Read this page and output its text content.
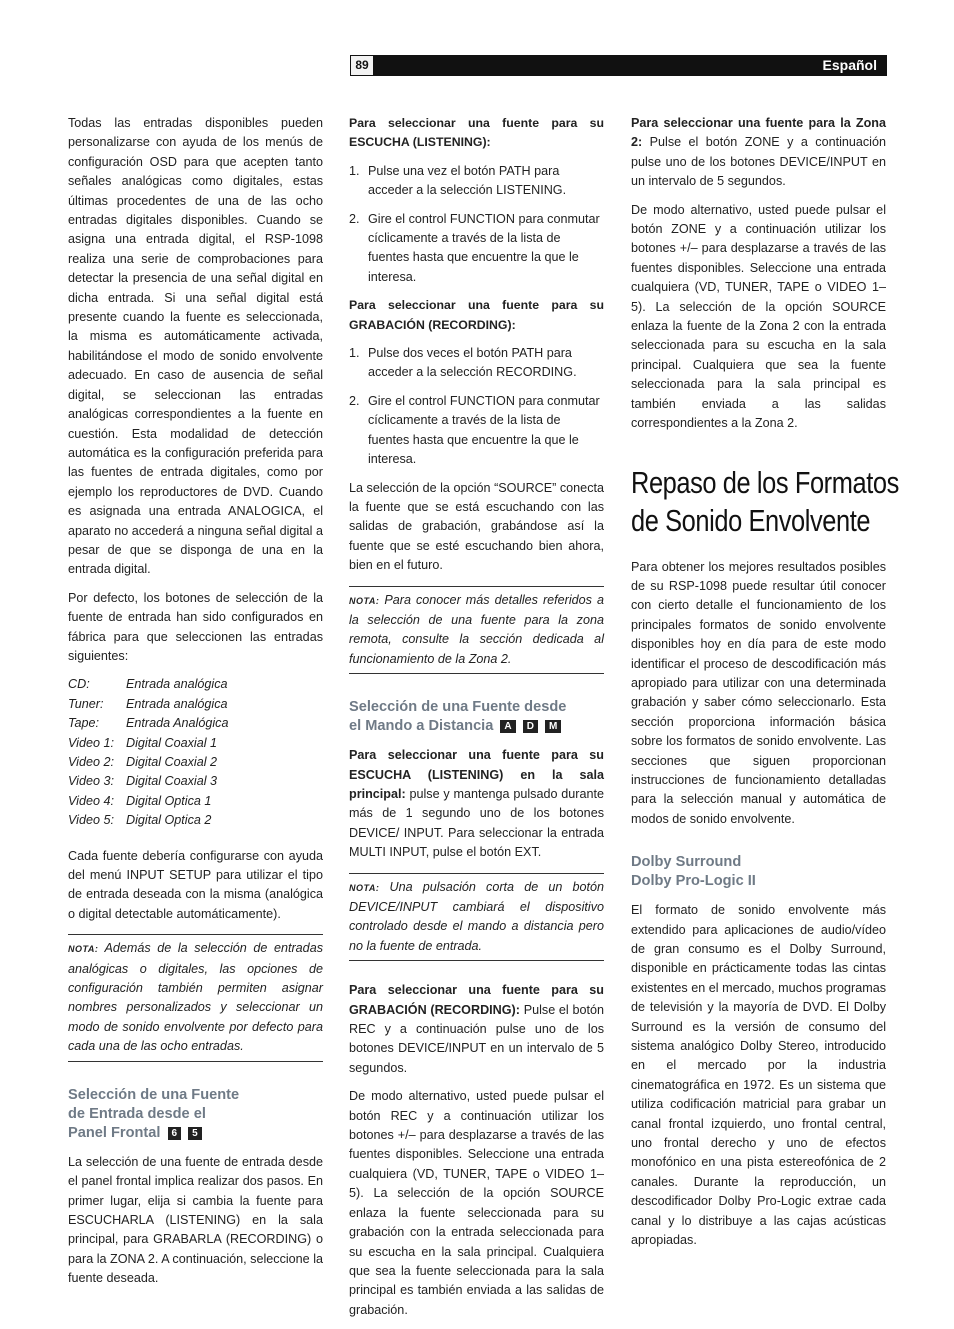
89	Español

Todas las entradas disponibles pueden personalizarse con ayuda de los menús de configuración OSD para que acepten tanto señales analógicas como digitales, estas últimas procedentes de una de las ocho entradas digitales disponibles. Cuando se asigna una entrada digital, el RSP-1098 realiza una serie de comprobaciones para detectar la presencia de una señal digital en dicha entrada. Si una señal digital está presente cuando la fuente es seleccionada, la misma es automáticamente activada, habilitándose el modo de sonido envolvente adecuado. En caso de ausencia de señal digital, se seleccionan las entradas analógicas correspondientes a la fuente en cuestión. Esta modalidad de detección automática es la configuración preferida para las fuentes de entrada digitales, como por ejemplo los reproductores de DVD. Cuando es asignada una entrada ANALOGICA, el aparato no accederá a ninguna señal digital a pesar de que se disponga de una en la entrada digital.

Por defecto, los botones de selección de la fuente de entrada han sido configurados en fábrica para que seleccionen las entradas siguientes:

CD:	Entrada analógica
Tuner:	Entrada analógica
Tape:	Entrada Analógica
Video 1: Digital Coaxial 1
Video 2: Digital Coaxial 2
Video 3: Digital Coaxial 3
Video 4: Digital Optica 1
Video 5: Digital Optica 2

Cada fuente debería configurarse con ayuda del menú INPUT SETUP para utilizar el tipo de entrada deseada con la misma (analógica o digital detectable automáticamente).

NOTA: Además de la selección de entradas analógicas o digitales, las opciones de configuración también permiten asignar nombres personalizados y seleccionar un modo de sonido envolvente por defecto para cada una de las ocho entradas.
Selección de una Fuente
de Entrada desde el
Panel Frontal 6 5

La selección de una fuente de entrada desde el panel frontal implica realizar dos pasos. En primer lugar, elija si cambia la fuente para ESCUCHARLA (LISTENING) en la sala principal, para GRABARLA (RECORDING) o para la ZONA 2. A continuación, seleccione la fuente deseada.

Para seleccionar una fuente para su ESCUCHA (LISTENING):

1. Pulse una vez el botón PATH para acceder a la selección LISTENING.
2. Gire el control FUNCTION para conmutar cíclicamente a través de la lista de fuentes hasta que encuentre la que le interesa.

Para seleccionar una fuente para su GRABACIÓN (RECORDING):

1. Pulse dos veces el botón PATH para acceder a la selección RECORDING.
2. Gire el control FUNCTION para conmutar cíclicamente a través de la lista de fuentes hasta que encuentre la que le interesa.

La selección de la opción “SOURCE” conecta la fuente que se está escuchando con las salidas de grabación, grabándose así la fuente que se esté escuchando bien ahora, bien en el futuro.

NOTA: Para conocer más detalles referidos a la selección de una fuente para la zona remota, consulte la sección dedicada al funcionamiento de la Zona 2.
Selección de una Fuente desde
el Mando a Distancia A D M

Para seleccionar una fuente para su ESCUCHA (LISTENING) en la sala principal: pulse y mantenga pulsado durante más de 1 segundo uno de los botones DEVICE/ INPUT. Para seleccionar la entrada MULTI INPUT, pulse el botón EXT.

NOTA: Una pulsación corta de un botón DEVICE/INPUT cambiará el dispositivo controlado desde el mando a distancia pero no la fuente de entrada.

Para seleccionar una fuente para su GRABACIÓN (RECORDING): Pulse el botón REC y a continuación pulse uno de los botones DEVICE/INPUT en un intervalo de 5 segundos.

De modo alternativo, usted puede pulsar el botón REC y a continuación utilizar los botones +/– para desplazarse a través de las fuentes disponibles. Seleccione una entrada cualquiera (VD, TUNER, TAPE o VIDEO 1–5). La selección de la opción SOURCE enlaza la fuente seleccionada para su grabación con la entrada seleccionada para su escucha en la sala principal. Cualquiera que sea la fuente seleccionada para la sala principal es también enviada a las salidas de grabación.

Para seleccionar una fuente para la Zona 2: Pulse el botón ZONE y a continuación pulse uno de los botones DEVICE/INPUT en un intervalo de 5 segundos.

De modo alternativo, usted puede pulsar el botón ZONE y a continuación utilizar los botones +/– para desplazarse a través de las fuentes disponibles. Seleccione una entrada cualquiera (VD, TUNER, TAPE o VIDEO 1–5). La selección de la opción SOURCE enlaza la fuente de la Zona 2 con la entrada seleccionada para su escucha en la sala principal. Cualquiera que sea la fuente seleccionada para la sala principal es también enviada a las salidas correspondientes a la Zona 2.

Repaso de los Formatos
de Sonido Envolvente

Para obtener los mejores resultados posibles de su RSP-1098 puede resultar útil conocer con cierto detalle el funcionamiento de los principales formatos de sonido envolvente disponibles hoy en día para de este modo identificar el proceso de descodificación más apropiado para utilizar con una determinada grabación y saber cómo seleccionarlo. Esta sección proporciona información básica sobre los formatos de sonido envolvente. Las secciones que siguen proporcionan instrucciones de funcionamiento detalladas para la selección manual y automática de modos de sonido envolvente.

Dolby Surround
Dolby Pro-Logic II

El formato de sonido envolvente más extendido para aplicaciones de audio/vídeo de gran consumo es el Dolby Surround, disponible en prácticamente todas las cintas existentes en el mercado, muchos programas de televisión y la mayoría de DVD. El Dolby Surround es la versión de consumo del sistema analógico Dolby Stereo, introducido en el mercado por la industria cinematográfica en 1972. Es un sistema que utiliza codificación matricial para grabar un canal frontal izquierdo, uno frontal central, uno frontal derecho y uno de efectos monofónico en una pista estereofónica de 2 canales. Durante la reproducción, un descodificador Dolby Pro-Logic extrae cada canal y lo distribuye a las cajas acústicas apropiadas.
